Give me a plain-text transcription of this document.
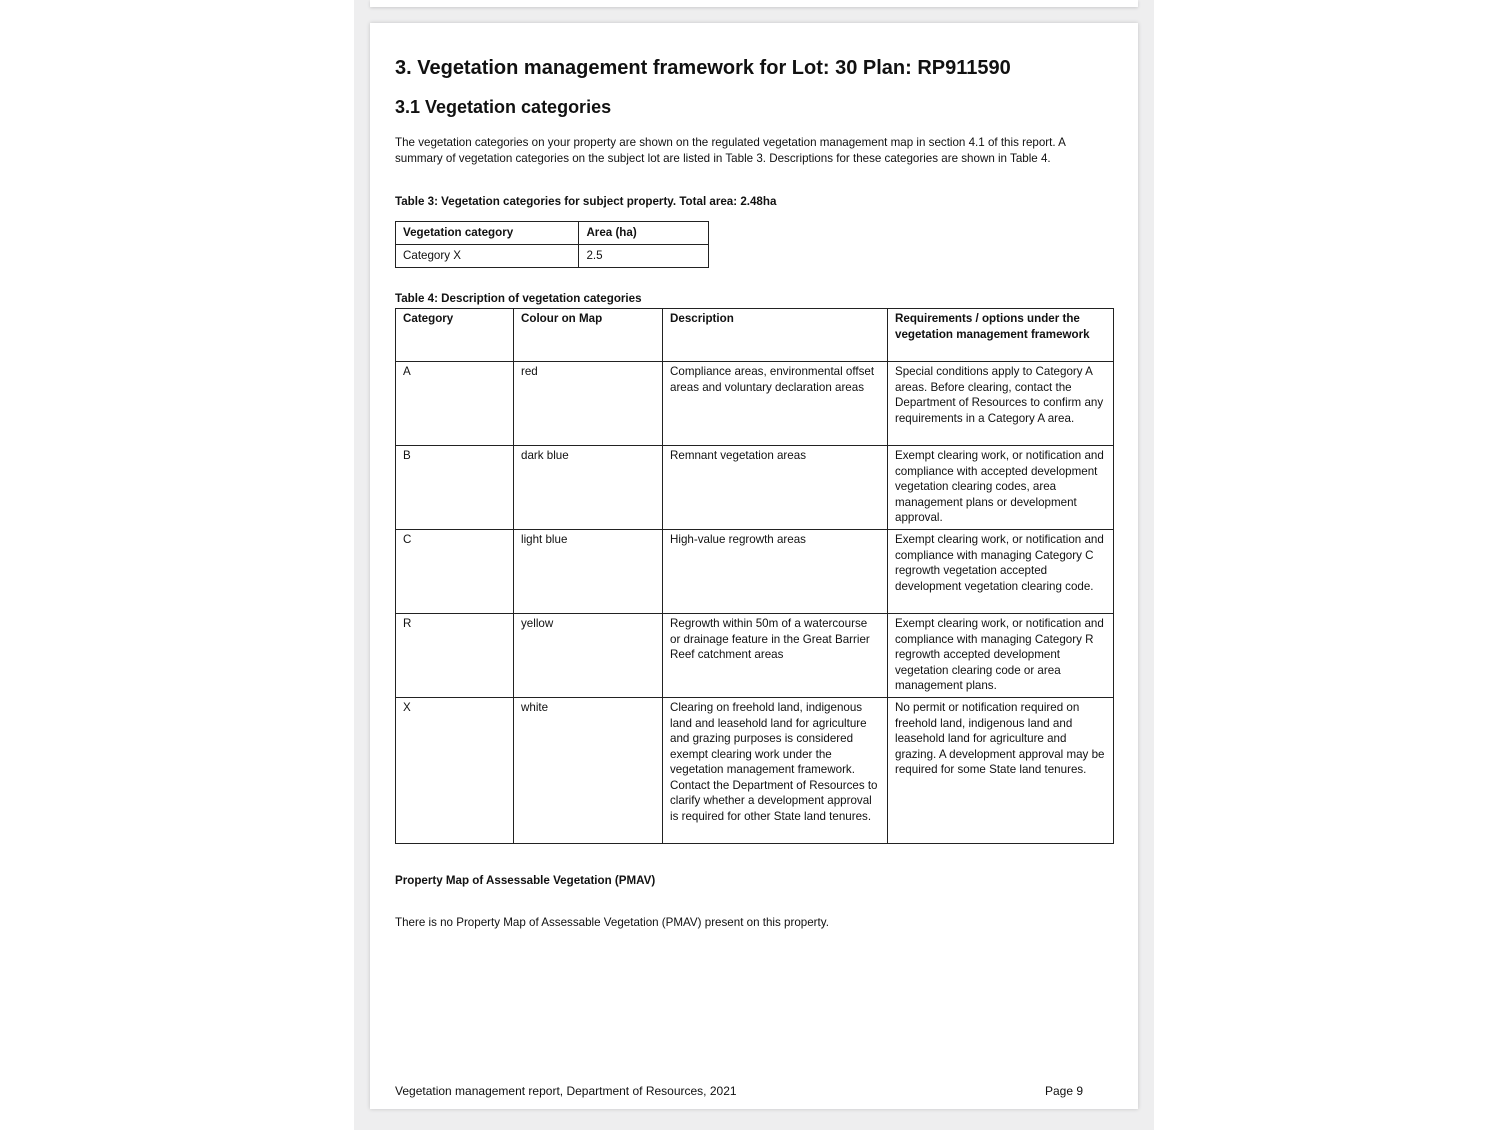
3. Vegetation management framework for Lot: 30 Plan: RP911590
3.1 Vegetation categories

The vegetation categories on your property are shown on the regulated vegetation management map in section 4.1 of this report. A summary of vegetation categories on the subject lot are listed in Table 3. Descriptions for these categories are shown in Table 4.

Table 3: Vegetation categories for subject property. Total area: 2.48ha
Vegetation category	Area (ha)
Category X	2.5
Table 4: Description of vegetation categories
Category	Colour on Map	Description	Requirements / options under the vegetation management framework
A	red	Compliance areas, environmental offset areas and voluntary declaration areas	Special conditions apply to Category A areas. Before clearing, contact the Department of Resources to confirm any requirements in a Category A area.
B	dark blue	Remnant vegetation areas	Exempt clearing work, or notification and compliance with accepted development vegetation clearing codes, area management plans or development approval.
C	light blue	High-value regrowth areas	Exempt clearing work, or notification and compliance with managing Category C regrowth vegetation accepted development vegetation clearing code.
R	yellow	Regrowth within 50m of a watercourse or drainage feature in the Great Barrier Reef catchment areas	Exempt clearing work, or notification and compliance with managing Category R regrowth accepted development vegetation clearing code or area management plans.
X	white	Clearing on freehold land, indigenous land and leasehold land for agriculture and grazing purposes is considered exempt clearing work under the vegetation management framework. Contact the Department of Resources to clarify whether a development approval is required for other State land tenures.	No permit or notification required on freehold land, indigenous land and leasehold land for agriculture and grazing. A development approval may be required for some State land tenures.
Property Map of Assessable Vegetation (PMAV)
There is no Property Map of Assessable Vegetation (PMAV) present on this property.
Vegetation management report, Department of Resources, 2021	Page 9
